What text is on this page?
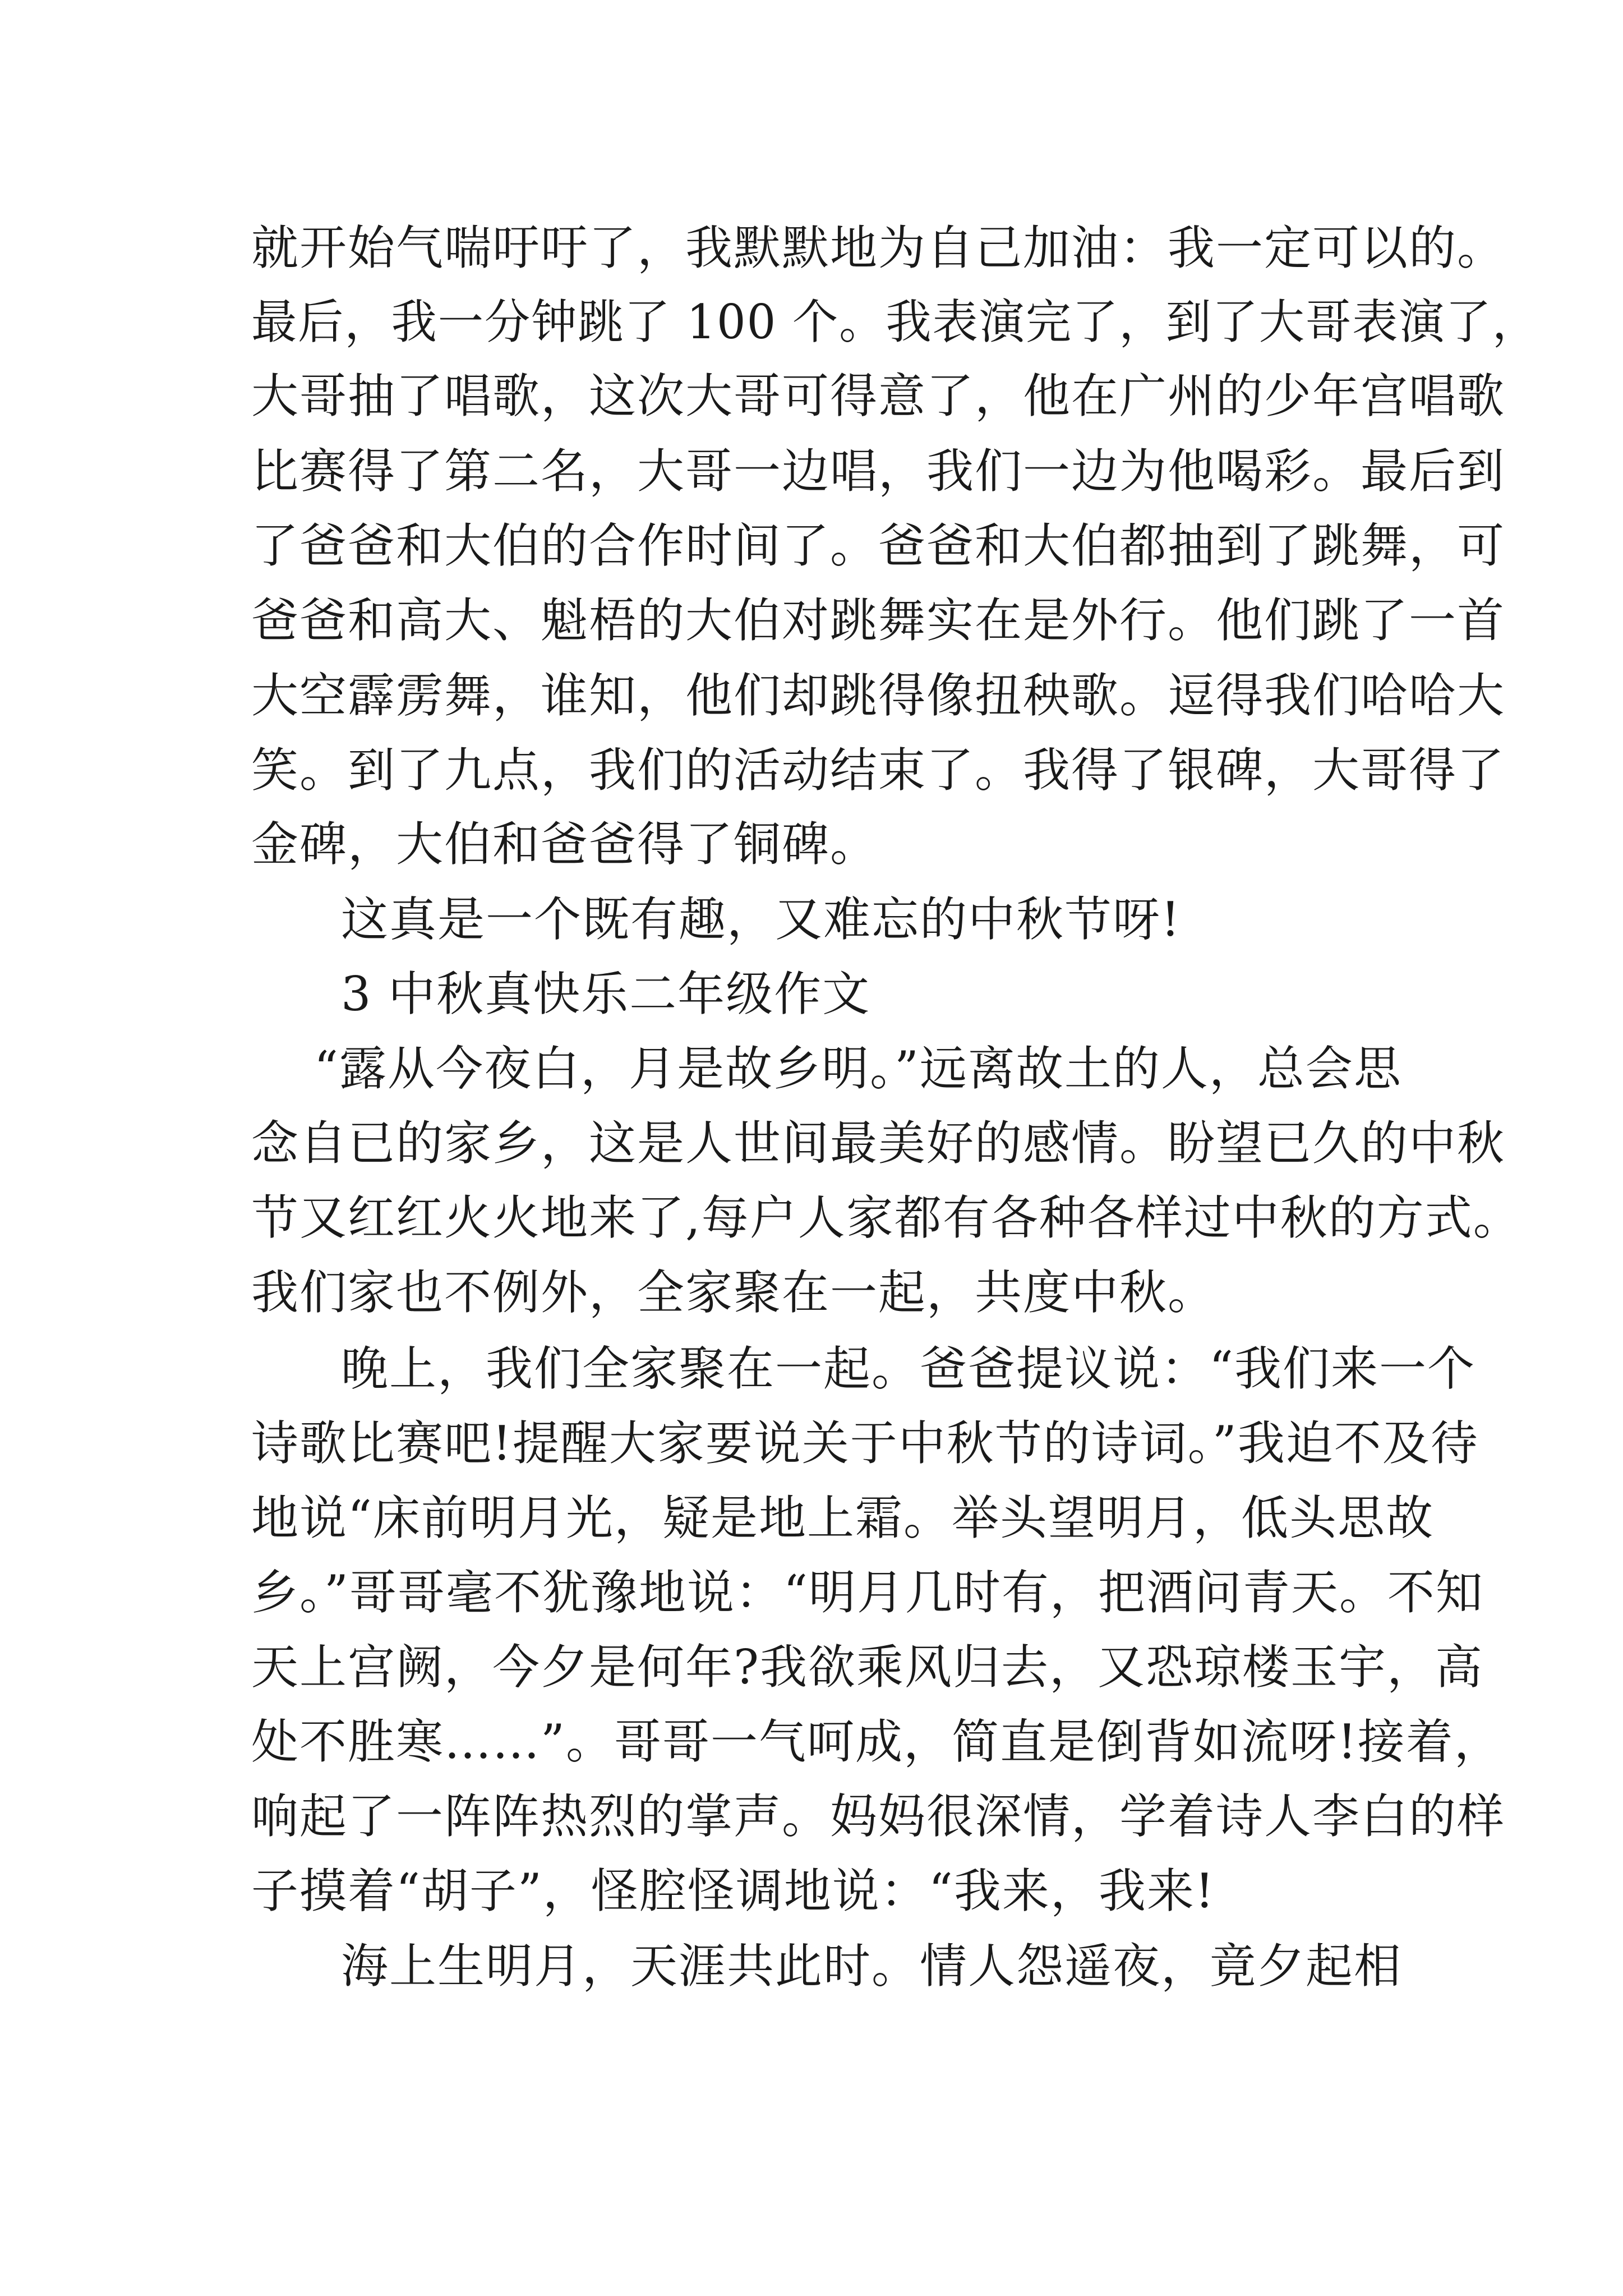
就开始气喘吁吁了，我默默地为自己加油：我一定可以的。
最后，我一分钟跳了 100 个。我表演完了，到了大哥表演了，
大哥抽了唱歌，这次大哥可得意了，他在广州的少年宫唱歌
比赛得了第二名，大哥一边唱，我们一边为他喝彩。最后到
了爸爸和大伯的合作时间了。爸爸和大伯都抽到了跳舞，可
爸爸和高大、魁梧的大伯对跳舞实在是外行。他们跳了一首
大空霹雳舞，谁知，他们却跳得像扭秧歌。逗得我们哈哈大
笑。到了九点，我们的活动结束了。我得了银碑，大哥得了
金碑，大伯和爸爸得了铜碑。
这真是一个既有趣，又难忘的中秋节呀!
3 中秋真快乐二年级作文
“露从今夜白，月是故乡明。”远离故土的人，总会思
念自已的家乡，这是人世间最美好的感情。盼望已久的中秋
节又红红火火地来了,每户人家都有各种各样过中秋的方式。
我们家也不例外，全家聚在一起，共度中秋。
晚上，我们全家聚在一起。爸爸提议说：“我们来一个
诗歌比赛吧!提醒大家要说关于中秋节的诗词。”我迫不及待
地说“床前明月光，疑是地上霜。举头望明月，低头思故
乡。”哥哥毫不犹豫地说：“明月几时有，把酒问青天。不知
天上宫阙，今夕是何年?我欲乘风归去，又恐琼楼玉宇，高
处不胜寒……”。哥哥一气呵成，简直是倒背如流呀!接着，
响起了一阵阵热烈的掌声。妈妈很深情，学着诗人李白的样
子摸着“胡子”，怪腔怪调地说：“我来，我来!
海上生明月，天涯共此时。情人怨遥夜，竟夕起相
